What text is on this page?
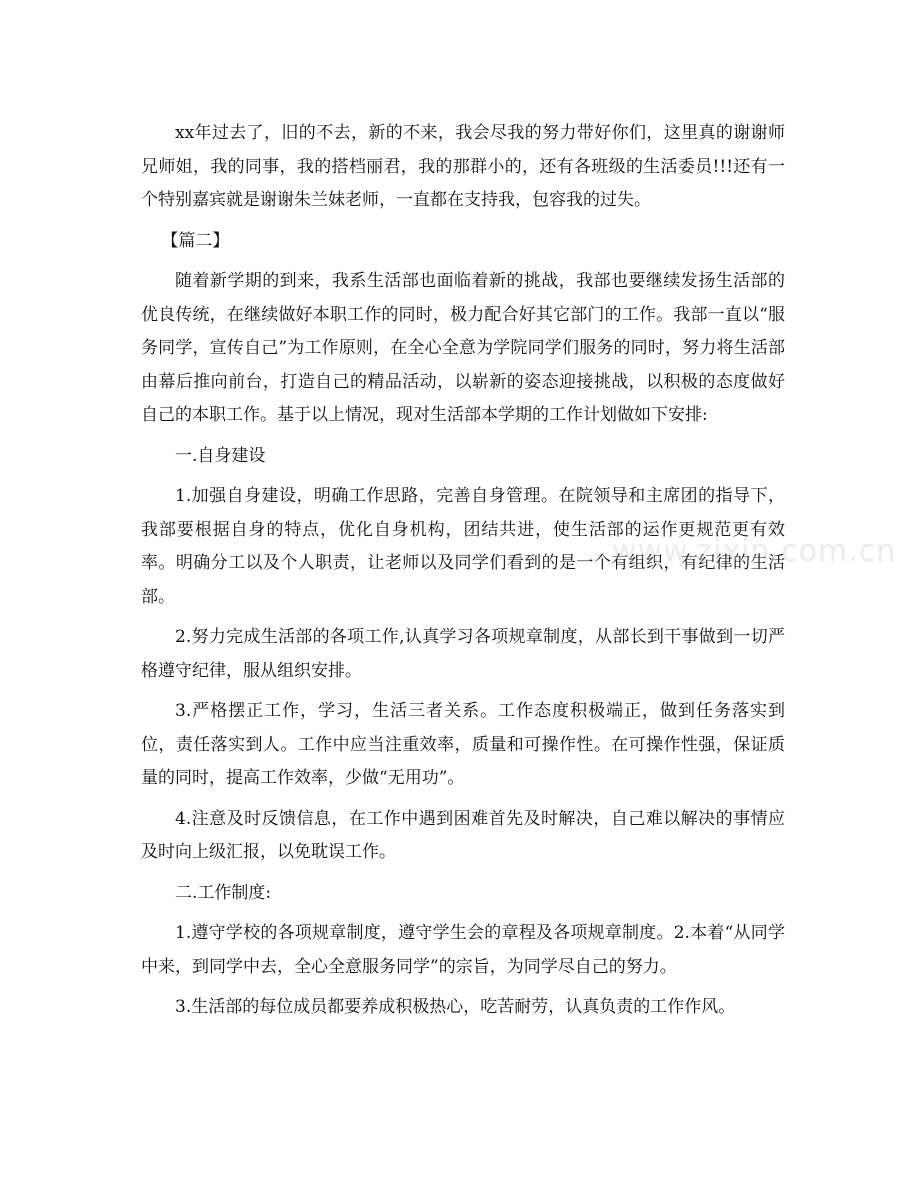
xx年过去了，旧的不去，新的不来，我会尽我的努力带好你们，这里真的谢谢师兄师姐，我的同事，我的搭档丽君，我的那群小的，还有各班级的生活委员!!!还有一个特别嘉宾就是谢谢朱兰妹老师，一直都在支持我，包容我的过失。

【篇二】

随着新学期的到来，我系生活部也面临着新的挑战，我部也要继续发扬生活部的优良传统，在继续做好本职工作的同时，极力配合好其它部门的工作。我部一直以“服务同学，宣传自己”为工作原则，在全心全意为学院同学们服务的同时，努力将生活部由幕后推向前台，打造自己的精品活动，以崭新的姿态迎接挑战，以积极的态度做好自己的本职工作。基于以上情况，现对生活部本学期的工作计划做如下安排:

一.自身建设

1.加强自身建设，明确工作思路，完善自身管理。在院领导和主席团的指导下，我部要根据自身的特点，优化自身机构，团结共进，使生活部的运作更规范更有效率。明确分工以及个人职责，让老师以及同学们看到的是一个有组织，有纪律的生活部。

2.努力完成生活部的各项工作,认真学习各项规章制度，从部长到干事做到一切严格遵守纪律，服从组织安排。

3.严格摆正工作，学习，生活三者关系。工作态度积极端正，做到任务落实到位，责任落实到人。工作中应当注重效率，质量和可操作性。在可操作性强，保证质量的同时，提高工作效率，少做“无用功”。

4.注意及时反馈信息，在工作中遇到困难首先及时解决，自己难以解决的事情应及时向上级汇报，以免耽误工作。

二.工作制度:

1.遵守学校的各项规章制度，遵守学生会的章程及各项规章制度。2.本着“从同学中来，到同学中去，全心全意服务同学”的宗旨，为同学尽自己的努力。

3.生活部的每位成员都要养成积极热心，吃苦耐劳，认真负责的工作作风。

www.zixin.com.cn
